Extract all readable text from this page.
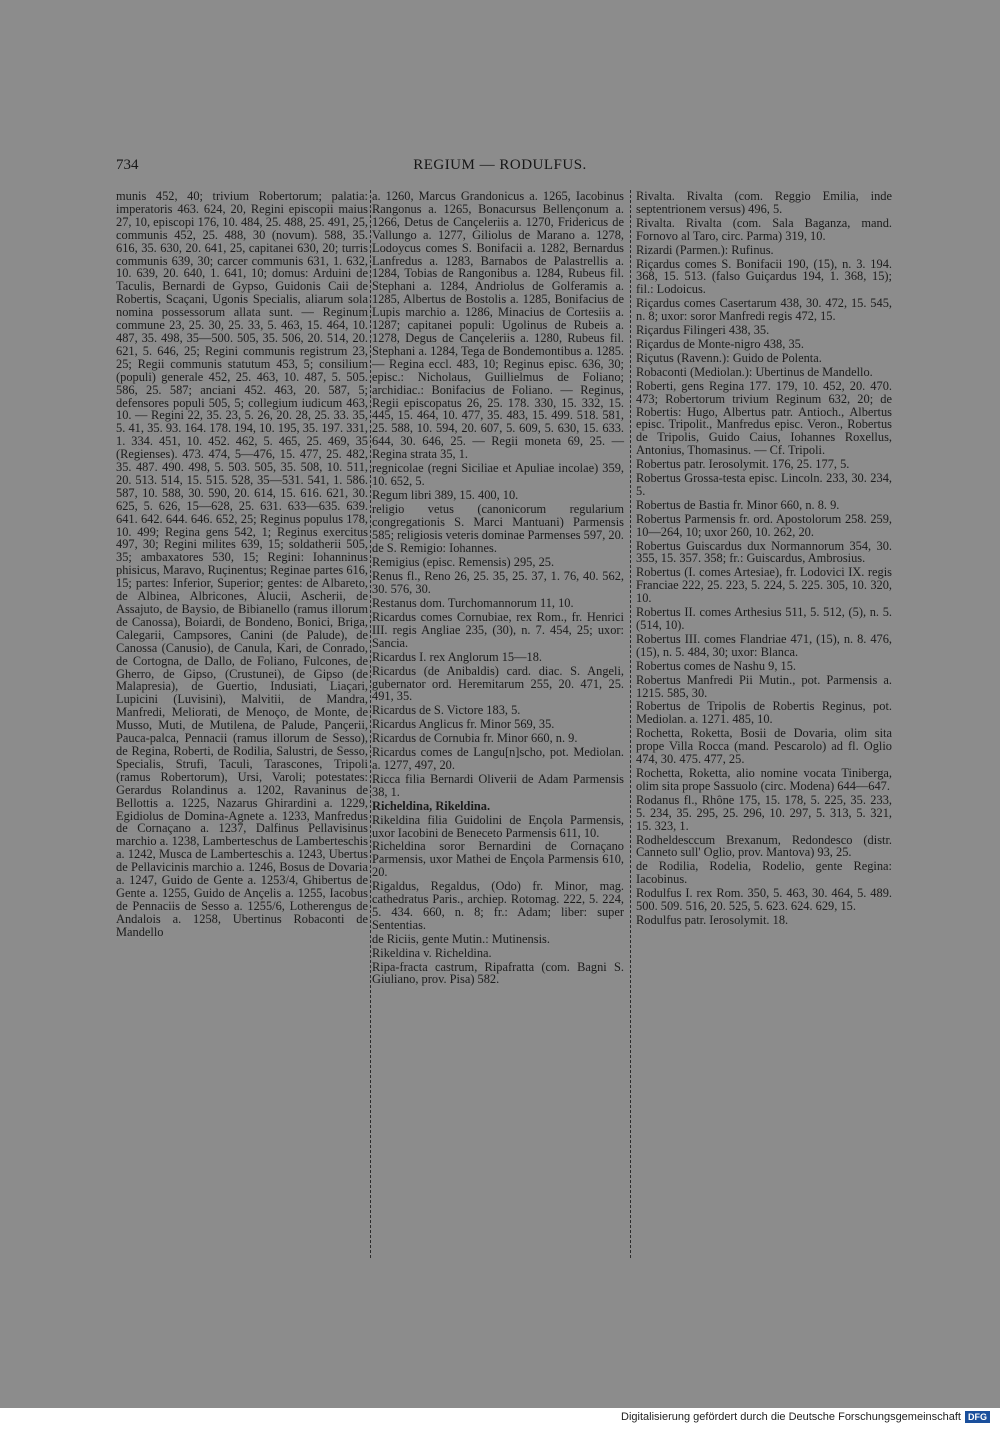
734	REGIUM — RODULFUS.

munis 452, 40; trivium Robertorum; palatia: imperatoris 463. 624, 20, Regini episcopii maius 27, 10, episcopi 176, 10. 484, 25. 488, 25. 491, 25, communis 452, 25. 488, 30 (novum). 588, 35. 616, 35. 630, 20. 641, 25, capitanei 630, 20; turris communis 639, 30; carcer communis 631, 1. 632, 10. 639, 20. 640, 1. 641, 10; domus: Arduini de Taculis, Bernardi de Gypso, Guidonis Caii de Robertis, Scaçani, Ugonis Specialis, aliarum sola nomina possessorum allata sunt. — Reginum commune 23, 25. 30, 25. 33, 5. 463, 15. 464, 10. 487, 35. 498, 35—500. 505, 35. 506, 20. 514, 20. 621, 5. 646, 25; Regini communis registrum 23, 25; Regii communis statutum 453, 5; consilium (populi) generale 452, 25. 463, 10. 487, 5. 505. 586, 25. 587; anciani 452. 463, 20. 587, 5; defensores populi 505, 5; collegium iudicum 463, 10. — Regini 22, 35. 23, 5. 26, 20. 28, 25. 33. 35, 5. 41, 35. 93. 164. 178. 194, 10. 195, 35. 197. 331, 1. 334. 451, 10. 452. 462, 5. 465, 25. 469, 35 (Regienses). 473. 474, 5—476, 15. 477, 25. 482, 35. 487. 490. 498, 5. 503. 505, 35. 508, 10. 511, 20. 513. 514, 15. 515. 528, 35—531. 541, 1. 586. 587, 10. 588, 30. 590, 20. 614, 15. 616. 621, 30. 625, 5. 626, 15—628, 25. 631. 633—635. 639. 641. 642. 644. 646. 652, 25; Reginus populus 178, 10. 499; Regina gens 542, 1; Reginus exercitus 497, 30; Regini milites 639, 15; soldatherii 505, 35; ambaxatores 530, 15; Regini: Iohanninus phisicus, Maravo, Ruçinentus; Reginae partes 616, 15; partes: Inferior, Superior; gentes: de Albareto, de Albinea, Albricones, Alucii, Ascherii, de Assajuto, de Baysio, de Bibianello (ramus illorum de Canossa), Boiardi, de Bondeno, Bonici, Briga, Calegarii, Campsores, Canini (de Palude), de Canossa (Canusio), de Canula, Kari, de Conrado, de Cortogna, de Dallo, de Foliano, Fulcones, de Gherro, de Gipso, (Crustunei), de Gipso (de Malapresia), de Guertio, Indusiati, Liaçari, Lupicini (Luvisini), Malvitii, de Mandra, Manfredi, Meliorati, de Menoço, de Monte, de Musso, Muti, de Mutilena, de Palude, Pançerii, Pauca-palca, Pennacii (ramus illorum de Sesso), de Regina, Roberti, de Rodilia, Salustri, de Sesso, Specialis, Strufi, Taculi, Tarascones, Tripoli (ramus Robertorum), Ursi, Varoli; potestates: Gerardus Rolandinus a. 1202, Ravaninus de Bellottis a. 1225, Nazarus Ghirardini a. 1229, Egidiolus de Domina-Agnete a. 1233, Manfredus de Cornaçano a. 1237, Dalfinus Pellavisinus marchio a. 1238, Lamberteschus de Lamberteschis a. 1242, Musca de Lamberteschis a. 1243, Ubertus de Pellavicinis marchio a. 1246, Bosus de Dovaria a. 1247, Guido de Gente a. 1253/4, Ghibertus de Gente a. 1255, Guido de Ançelis a. 1255, Iacobus de Pennaciis de Sesso a. 1255/6, Lotherengus de Andalois a. 1258, Ubertinus Robaconti de Mandello

a. 1260, Marcus Grandonicus a. 1265, Iacobinus Rangonus a. 1265, Bonacursus Bellençonum a. 1266, Detus de Cançeleriis a. 1270, Fridericus de Vallungo a. 1277, Giliolus de Marano a. 1278, Lodoycus comes S. Bonifacii a. 1282, Bernardus Lanfredus a. 1283, Barnabos de Palastrellis a. 1284, Tobias de Rangonibus a. 1284, Rubeus fil. Stephani a. 1284, Andriolus de Golferamis a. 1285, Albertus de Bostolis a. 1285, Bonifacius de Lupis marchio a. 1286, Minacius de Cortesiis a. 1287; capitanei populi: Ugolinus de Rubeis a. 1278, Degus de Cançeleriis a. 1280, Rubeus fil. Stephani a. 1284, Tega de Bondemontibus a. 1285. — Regina eccl. 483, 10; Reginus episc. 636, 30; episc.: Nicholaus, Guillielmus de Foliano; archidiac.: Bonifacius de Foliano. — Reginus, Regii episcopatus 26, 25. 178. 330, 15. 332, 15. 445, 15. 464, 10. 477, 35. 483, 15. 499. 518. 581, 25. 588, 10. 594, 20. 607, 5. 609, 5. 630, 15. 633. 644, 30. 646, 25. — Regii moneta 69, 25. — Regina strata 35, 1.

regnicolae (regni Siciliae et Apuliae incolae) 359, 10. 652, 5.

Regum libri 389, 15. 400, 10.

religio vetus (canonicorum regularium congregationis S. Marci Mantuani) Parmensis 585; religiosis veteris dominae Parmenses 597, 20.

de S. Remigio: Iohannes.

Remigius (episc. Remensis) 295, 25.

Renus fl., Reno 26, 25. 35, 25. 37, 1. 76, 40. 562, 30. 576, 30.

Restanus dom. Turchomannorum 11, 10.

Ricardus comes Cornubiae, rex Rom., fr. Henrici III. regis Angliae 235, (30), n. 7. 454, 25; uxor: Sancia.

Ricardus I. rex Anglorum 15—18.

Ricardus (de Anibaldis) card. diac. S. Angeli, gubernator ord. Heremitarum 255, 20. 471, 25. 491, 35.

Ricardus de S. Victore 183, 5.

Ricardus Anglicus fr. Minor 569, 35.

Ricardus de Cornubia fr. Minor 660, n. 9.

Ricardus comes de Langu[n]scho, pot. Mediolan. a. 1277, 497, 20.

Ricca filia Bernardi Oliverii de Adam Parmensis 38, 1.

Richeldina, Rikeldina.

Rikeldina filia Guidolini de Ençola Parmensis, uxor Iacobini de Beneceto Parmensis 611, 10.

Richeldina soror Bernardini de Cornaçano Parmensis, uxor Mathei de Ençola Parmensis 610, 20.

Rigaldus, Regaldus, (Odo) fr. Minor, mag. cathedratus Paris., archiep. Rotomag. 222, 5. 224, 5. 434. 660, n. 8; fr.: Adam; liber: super Sententias.

de Riciis, gente Mutin.: Mutinensis.

Rikeldina v. Richeldina.

Ripa-fracta castrum, Ripafratta (com. Bagni S. Giuliano, prov. Pisa) 582.

Rivalta. Rivalta (com. Reggio Emilia, inde septentrionem versus) 496, 5.

Rivalta. Rivalta (com. Sala Baganza, mand. Fornovo al Taro, circ. Parma) 319, 10.

Rizardi (Parmen.): Rufinus.

Riçardus comes S. Bonifacii 190, (15), n. 3. 194. 368, 15. 513. (falso Guiçardus 194, 1. 368, 15); fil.: Lodoicus.

Riçardus comes Casertarum 438, 30. 472, 15. 545, n. 8; uxor: soror Manfredi regis 472, 15.

Riçardus Filingeri 438, 35.

Riçardus de Monte-nigro 438, 35.

Riçutus (Ravenn.): Guido de Polenta.

Robaconti (Mediolan.): Ubertinus de Mandello.

Roberti, gens Regina 177. 179, 10. 452, 20. 470. 473; Robertorum trivium Reginum 632, 20; de Robertis: Hugo, Albertus patr. Antioch., Albertus episc. Tripolit., Manfredus episc. Veron., Robertus de Tripolis, Guido Caius, Iohannes Roxellus, Antonius, Thomasinus. — Cf. Tripoli.

Robertus patr. Ierosolymit. 176, 25. 177, 5.

Robertus Grossa-testa episc. Lincoln. 233, 30. 234, 5.

Robertus de Bastia fr. Minor 660, n. 8. 9.

Robertus Parmensis fr. ord. Apostolorum 258. 259, 10—264, 10; uxor 260, 10. 262, 20.

Robertus Guiscardus dux Normannorum 354, 30. 355, 15. 357. 358; fr.: Guiscardus, Ambrosius.

Robertus (I. comes Artesiae), fr. Lodovici IX. regis Franciae 222, 25. 223, 5. 224, 5. 225. 305, 10. 320, 10.

Robertus II. comes Arthesius 511, 5. 512, (5), n. 5. (514, 10).

Robertus III. comes Flandriae 471, (15), n. 8. 476, (15), n. 5. 484, 30; uxor: Blanca.

Robertus comes de Nashu 9, 15.

Robertus Manfredi Pii Mutin., pot. Parmensis a. 1215. 585, 30.

Robertus de Tripolis de Robertis Reginus, pot. Mediolan. a. 1271. 485, 10.

Rochetta, Roketta, Bosii de Dovaria, olim sita prope Villa Rocca (mand. Pescarolo) ad fl. Oglio 474, 30. 475. 477, 25.

Rochetta, Roketta, alio nomine vocata Tiniberga, olim sita prope Sassuolo (circ. Modena) 644—647.

Rodanus fl., Rhône 175, 15. 178, 5. 225, 35. 233, 5. 234, 35. 295, 25. 296, 10. 297, 5. 313, 5. 321, 15. 323, 1.

Rodheldesccum Brexanum, Redondesco (distr. Canneto sull' Oglio, prov. Mantova) 93, 25.

de Rodilia, Rodelia, Rodelio, gente Regina: Iacobinus.

Rodulfus I. rex Rom. 350, 5. 463, 30. 464, 5. 489. 500. 509. 516, 20. 525, 5. 623. 624. 629, 15.

Rodulfus patr. Ierosolymit. 18.

Digitalisierung gefördert durch die Deutsche Forschungsgemeinschaft DFG
